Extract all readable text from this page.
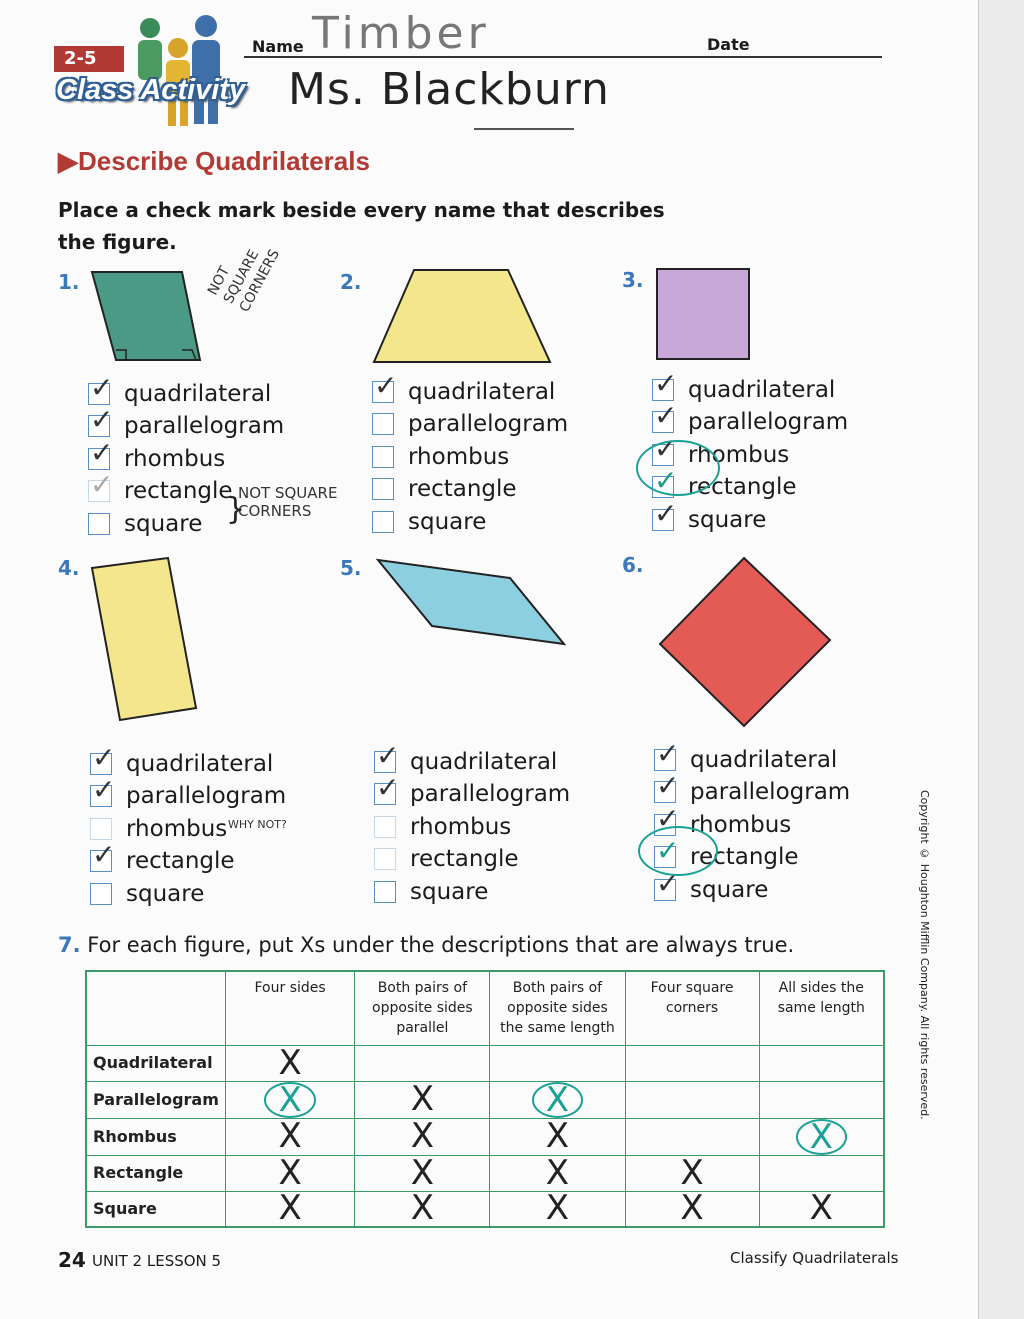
2-5
Class Activity
Name	Date
Timber
Ms. Blackburn
▶Describe Quadrilaterals
Place a check mark beside every name that describes the figure.
1.	2.	3.
4.	5.	6.
NOT SQUARE CORNERS
NOT SQUARE CORNERS
}
WHY NOT?
✓ quadrilateral
✓ parallelogram
✓ rhombus
✓ rectangle
square
✓ quadrilateral
parallelogram
rhombus
rectangle
square
✓ quadrilateral
✓ parallelogram
✓ rhombus
✓ rectangle
✓ square
✓ quadrilateral
✓ parallelogram
rhombus
✓ rectangle
square
✓ quadrilateral
✓ parallelogram
rhombus
rectangle
square
✓ quadrilateral
✓ parallelogram
✓ rhombus
✓ rectangle
✓ square
7. For each figure, put Xs under the descriptions that are always true.
	Four sides	Both pairs of opposite sides parallel	Both pairs of opposite sides the same length	Four square corners	All sides the same length
Quadrilateral	X				
Parallelogram	X	X	X		
Rhombus	X	X	X		X
Rectangle	X	X	X	X	
Square	X	X	X	X	X
24 UNIT 2 LESSON 5	Classify Quadrilaterals
Copyright © Houghton Mifflin Company. All rights reserved.
